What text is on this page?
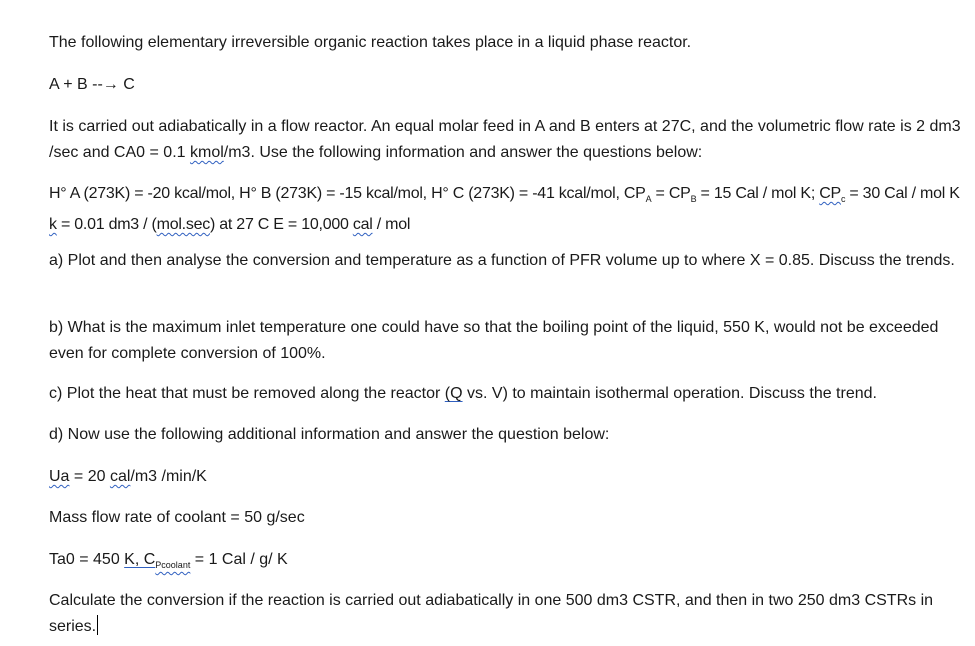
The following elementary irreversible organic reaction takes place in a liquid phase reactor.
A + B --→ C
It is carried out adiabatically in a flow reactor. An equal molar feed in A and B enters at 27C, and the volumetric flow rate is 2 dm3 /sec and CA0 = 0.1 kmol/m3. Use the following information and answer the questions below:
H° A (273K) = -20 kcal/mol, H° B (273K) = -15 kcal/mol, H° C (273K) = -41 kcal/mol, $CP_A = CP_B = 15$ Cal / mol K; $CP_c = 30$ Cal / mol K k = 0.01 dm3 / (mol.sec) at 27 C E = 10,000 cal / mol
a) Plot and then analyse the conversion and temperature as a function of PFR volume up to where X = 0.85. Discuss the trends.
b) What is the maximum inlet temperature one could have so that the boiling point of the liquid, 550 K, would not be exceeded even for complete conversion of 100%.
c) Plot the heat that must be removed along the reactor (Q vs. V) to maintain isothermal operation. Discuss the trend.
d) Now use the following additional information and answer the question below:
Ua = 20 cal/m3 /min/K
Mass flow rate of coolant = 50 g/sec
Ta0 = 450 K, $C_{Pcoolant} = 1$ Cal / g/ K
Calculate the conversion if the reaction is carried out adiabatically in one 500 dm3 CSTR, and then in two 250 dm3 CSTRs in series.
